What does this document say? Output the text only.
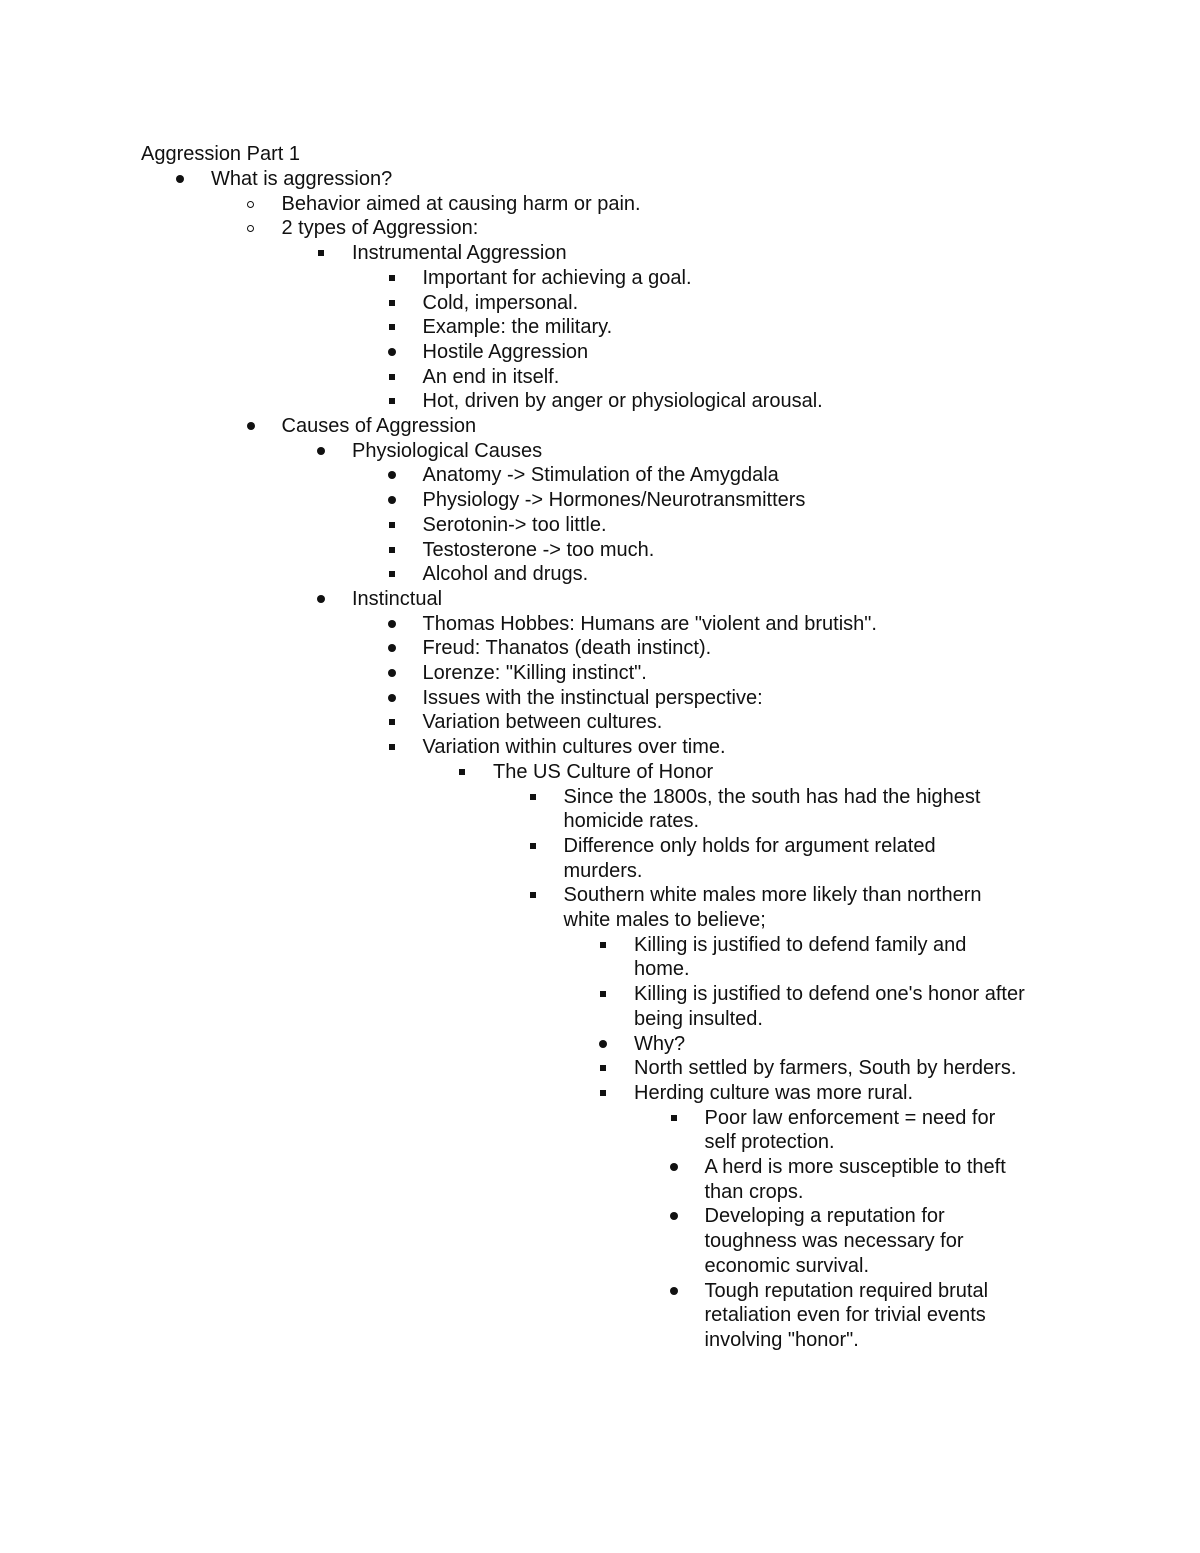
Aggression Part 1
What is aggression?
Behavior aimed at causing harm or pain.
2 types of Aggression:
Instrumental Aggression
Important for achieving a goal.
Cold, impersonal.
Example: the military.
Hostile Aggression
An end in itself.
Hot, driven by anger or physiological arousal.
Causes of Aggression
Physiological Causes
Anatomy -> Stimulation of the Amygdala
Physiology -> Hormones/Neurotransmitters
Serotonin-> too little.
Testosterone -> too much.
Alcohol and drugs.
Instinctual
Thomas Hobbes: Humans are "violent and brutish".
Freud: Thanatos (death instinct).
Lorenze: "Killing instinct".
Issues with the instinctual perspective:
Variation between cultures.
Variation within cultures over time.
The US Culture of Honor
Since the 1800s, the south has had the highest
homicide rates.
Difference only holds for argument related
murders.
Southern white males more likely than northern
white males to believe;
Killing is justified to defend family and
home.
Killing is justified to defend one's honor after
being insulted.
Why?
North settled by farmers, South by herders.
Herding culture was more rural.
Poor law enforcement = need for
self protection.
A herd is more susceptible to theft
than crops.
Developing a reputation for
toughness was necessary for
economic survival.
Tough reputation required brutal
retaliation even for trivial events
involving "honor".
